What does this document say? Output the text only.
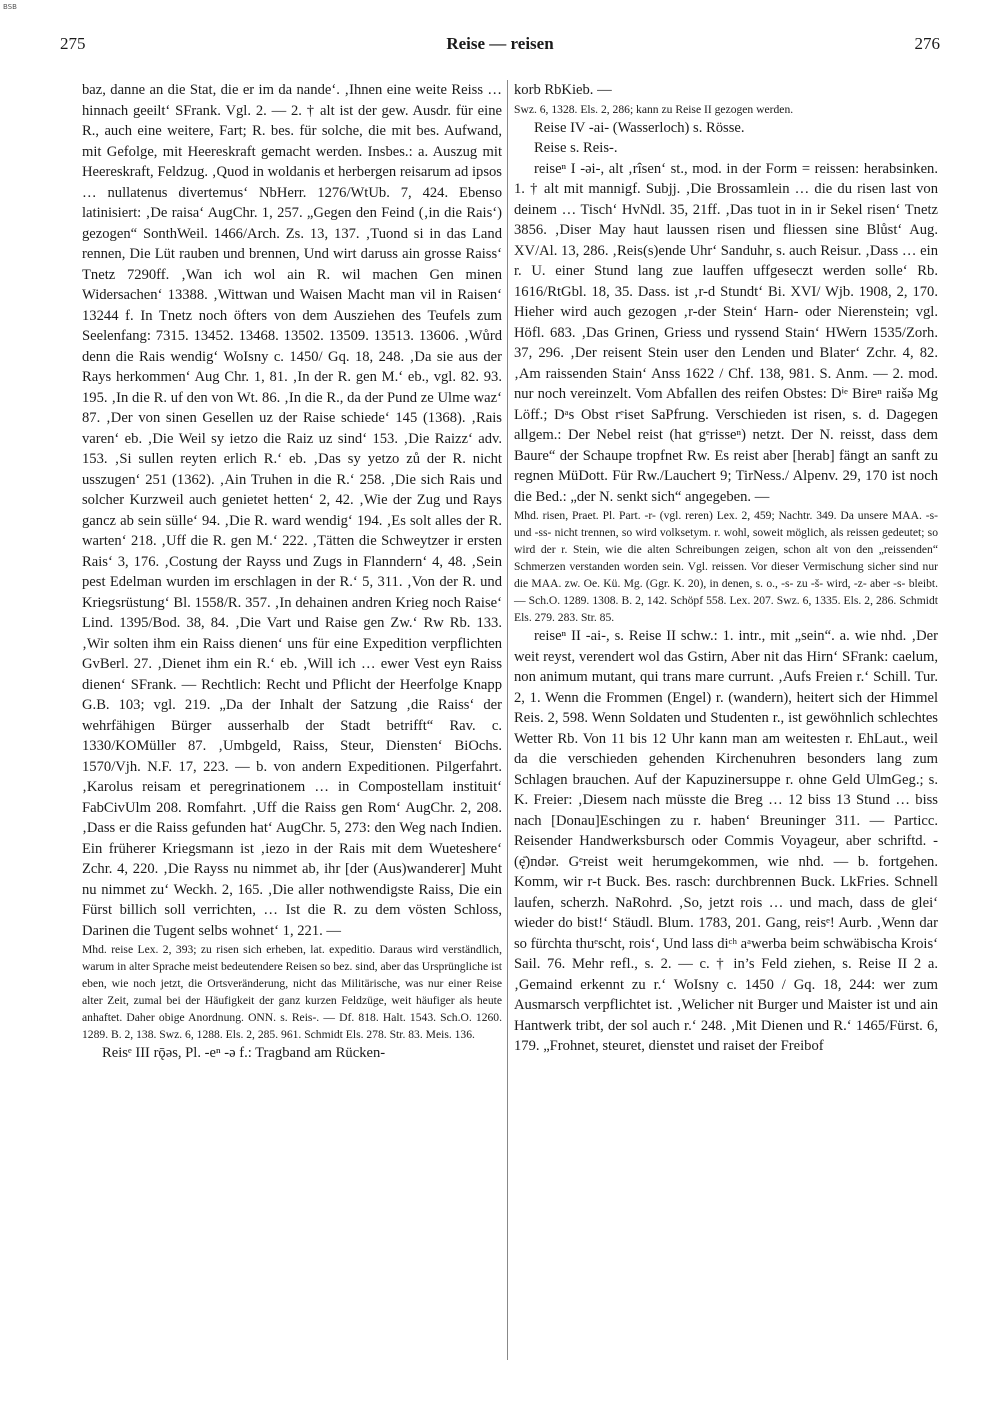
BSB
275	Reise — reisen	276

baz, danne an die Stat, die er im da nande‘. ‚Ihnen eine weite Reiss … hinnach geeilt‘ SFrank. Vgl. 2. — 2. † alt ist der gew. Ausdr. für eine R., auch eine weitere, Fart; R. bes. für solche, die mit bes. Aufwand, mit Gefolge, mit Heereskraft gemacht werden. Insbes.: a. Auszug mit Heereskraft, Feldzug. ‚Quod in woldanis et herbergen reisarum ad ipsos … nullatenus divertemus‘ NbHerr. 1276/WtUb. 7, 424. Ebenso latinisiert: ‚De raisa‘ AugChr. 1, 257. „Gegen den Feind (‚in die Rais‘) gezogen“ SonthWeil. 1466/Arch. Zs. 13, 137. ‚Tuond si in das Land rennen, Die Lüt rauben und brennen, Und wirt daruss ain grosse Raiss‘ Tnetz 7290ff. ‚Wan ich wol ain R. wil machen Gen minen Widersachen‘ 13388. ‚Wittwan und Waisen Macht man vil in Raisen‘ 13244 f. In Tnetz noch öfters von dem Ausziehen des Teufels zum Seelenfang: 7315. 13452. 13468. 13502. 13509. 13513. 13606. ‚Wůrd denn die Rais wendig‘ WoIsny c. 1450/ Gq. 18, 248. ‚Da sie aus der Rays herkommen‘ Aug Chr. 1, 81. ‚In der R. gen M.‘ eb., vgl. 82. 93. 195. ‚In die R. uf den von Wt. 86. ‚In die R., da der Pund ze Ulme waz‘ 87. ‚Der von sinen Gesellen uz der Raise schiede‘ 145 (1368). ‚Rais varen‘ eb. ‚Die Weil sy ietzo die Raiz uz sind‘ 153. ‚Die Raizz‘ adv. 153. ‚Si sullen reyten erlich R.‘ eb. ‚Das sy yetzo zů der R. nicht usszugen‘ 251 (1362). ‚Ain Truhen in die R.‘ 258. ‚Die sich Rais und solcher Kurzweil auch genietet hetten‘ 2, 42. ‚Wie der Zug und Rays gancz ab sein sülle‘ 94. ‚Die R. ward wendig‘ 194. ‚Es solt alles der R. warten‘ 218. ‚Uff die R. gen M.‘ 222. ‚Tätten die Schweytzer ir ersten Rais‘ 3, 176. ‚Costung der Rayss und Zugs in Flanndern‘ 4, 48. ‚Sein pest Edelman wurden im erschlagen in der R.‘ 5, 311. ‚Von der R. und Kriegsrüstung‘ Bl. 1558/R. 357. ‚In dehainen andren Krieg noch Raise‘ Lind. 1395/Bod. 38, 84. ‚Die Vart und Raise gen Zw.‘ Rw Rb. 133. ‚Wir solten ihm ein Raiss dienen‘ uns für eine Expedition verpflichten GvBerl. 27. ‚Dienet ihm ein R.‘ eb. ‚Will ich … ewer Vest eyn Raiss dienen‘ SFrank. — Rechtlich: Recht und Pflicht der Heerfolge Knapp G.B. 103; vgl. 219. „Da der Inhalt der Satzung ‚die Raiss‘ der wehrfähigen Bürger ausserhalb der Stadt betrifft“ Rav. c. 1330/KOMüller 87. ‚Umbgeld, Raiss, Steur, Diensten‘ BiOchs. 1570/Vjh. N.F. 17, 223. — b. von andern Expeditionen. Pilgerfahrt. ‚Karolus reisam et peregrinationem … in Compostellam instituit‘ FabCivUlm 208. Romfahrt. ‚Uff die Raiss gen Rom‘ AugChr. 2, 208. ‚Dass er die Raiss gefunden hat‘ AugChr. 5, 273: den Weg nach Indien. Ein früherer Kriegsmann ist ‚iezo in der Rais mit dem Wueteshere‘ Zchr. 4, 220. ‚Die Rayss nu nimmet ab, ihr [der (Aus)wanderer] Muht nu nimmet zu‘ Weckh. 2, 165. ‚Die aller nothwendigste Raiss, Die ein Fürst billich soll verrichten, … Ist die R. zu dem vösten Schloss, Darinen die Tugent selbs wohnet‘ 1, 221. —

Mhd. reise Lex. 2, 393; zu risen sich erheben, lat. expeditio. Daraus wird verständlich, warum in alter Sprache meist bedeutendere Reisen so bez. sind, aber das Ursprüngliche ist eben, wie noch jetzt, die Ortsveränderung, nicht das Militärische, was nur einer Reise alter Zeit, zumal bei der Häufigkeit der ganz kurzen Feldzüge, weit häufiger als heute anhaftet. Daher obige Anordnung. ONN. s. Reis-. — Df. 818. Halt. 1543. Sch.O. 1260. 1289. B. 2, 138. Swz. 6, 1288. Els. 2, 285. 961. Schmidt Els. 278. Str. 83. Meis. 136.

Reisᵉ III rǭəs, Pl. -eⁿ -ə f.: Tragband am Rücken-

korb RbKieb. —

Swz. 6, 1328. Els. 2, 286; kann zu Reise II gezogen werden.

Reise IV -ai- (Wasserloch) s. Rösse.

Reise s. Reis-.

reiseⁿ I -əi-, alt ‚rîsen‘ st., mod. in der Form = reissen: herabsinken. 1. † alt mit mannigf. Subjj. ‚Die Brossamlein … die du risen last von deinem … Tisch‘ HvNdl. 35, 21ff. ‚Das tuot in in ir Sekel risen‘ Tnetz 3856. ‚Diser May haut laussen risen und fliessen sine Blůst‘ Aug. XV/Al. 13, 286. ‚Reis(s)ende Uhr‘ Sanduhr, s. auch Reisur. ‚Dass … ein r. U. einer Stund lang zue lauffen uffgeseczt werden solle‘ Rb. 1616/RtGbl. 18, 35. Dass. ist ‚r-d Stundt‘ Bi. XVI/ Wjb. 1908, 2, 170. Hieher wird auch gezogen ‚r-der Stein‘ Harn- oder Nierenstein; vgl. Höfl. 683. ‚Das Grinen, Griess und ryssend Stain‘ HWern 1535/Zorh. 37, 296. ‚Der reisent Stein user den Lenden und Blater‘ Zchr. 4, 82. ‚Am raissenden Stain‘ Anss 1622 / Chf. 138, 981. S. Anm. — 2. mod. nur noch vereinzelt. Vom Abfallen des reifen Obstes: Dⁱᵉ Bireⁿ raišə Mg Löff.; Dᵃs Obst rᵉiset SaPfrung. Verschieden ist risen, s. d. Dagegen allgem.: Der Nebel reist (hat gᵉrisseⁿ) netzt. Der N. reisst, dass dem Baure“ der Schaupe tropfnet Rw. Es reist aber [herab] fängt an sanft zu regnen MüDott. Für Rw./Lauchert 9; TirNess./ Alpenv. 29, 170 ist noch die Bed.: „der N. senkt sich“ angegeben. —

Mhd. risen, Praet. Pl. Part. -r- (vgl. reren) Lex. 2, 459; Nachtr. 349. Da unsere MAA. -s- und -ss- nicht trennen, so wird volksetym. r. wohl, soweit möglich, als reissen gedeutet; so wird der r. Stein, wie die alten Schreibungen zeigen, schon alt von den „reissenden“ Schmerzen verstanden worden sein. Vgl. reissen. Vor dieser Vermischung sicher sind nur die MAA. zw. Oe. Kü. Mg. (Ggr. K. 20), in denen, s. o., -s- zu -š- wird, -z- aber -s- bleibt. — Sch.O. 1289. 1308. B. 2, 142. Schöpf 558. Lex. 207. Swz. 6, 1335. Els. 2, 286. Schmidt Els. 279. 283. Str. 85.

reiseⁿ II -ai-, s. Reise II schw.: 1. intr., mit „sein“. a. wie nhd. ‚Der weit reyst, verendert wol das Gstirn, Aber nit das Hirn‘ SFrank: caelum, non animum mutant, qui trans mare currunt. ‚Aufs Freien r.‘ Schill. Tur. 2, 1. Wenn die Frommen (Engel) r. (wandern), heitert sich der Himmel Reis. 2, 598. Wenn Soldaten und Studenten r., ist gewöhnlich schlechtes Wetter Rb. Von 11 bis 12 Uhr kann man am weitesten r. EhLaut., weil da die verschieden gehenden Kirchenuhren besonders lang zum Schlagen brauchen. Auf der Kapuzinersuppe r. ohne Geld UlmGeg.; s. K. Freier: ‚Diesem nach müsste die Breg … 12 biss 13 Stund … biss nach [Donau]Eschingen zu r. haben‘ Breuninger 311. — Particc. Reisender Handwerksbursch oder Commis Voyageur, aber schriftd. -(ę̄)ndər. Gᵉreist weit herumgekommen, wie nhd. — b. fortgehen. Komm, wir r-t Buck. Bes. rasch: durchbrennen Buck. LkFries. Schnell laufen, scherzh. NaRohrd. ‚So, jetzt rois … und mach, dass de glei‘ wieder do bist!‘ Stäudl. Blum. 1783, 201. Gang, reisᵉ! Aurb. ‚Wenn dar so fürchta thuᵉscht, rois‘, Und lass diᶜʰ aᵃwerba beim schwäbischa Krois‘ Sail. 76. Mehr refl., s. 2. — c. † in’s Feld ziehen, s. Reise II 2 a. ‚Gemaind erkennt zu r.‘ WoIsny c. 1450 / Gq. 18, 244: wer zum Ausmarsch verpflichtet ist. ‚Welicher nit Burger und Maister ist und ain Hantwerk tribt, der sol auch r.‘ 248. ‚Mit Dienen und R.‘ 1465/Fürst. 6, 179. „Frohnet, steuret, dienstet und raiset der Freibof
